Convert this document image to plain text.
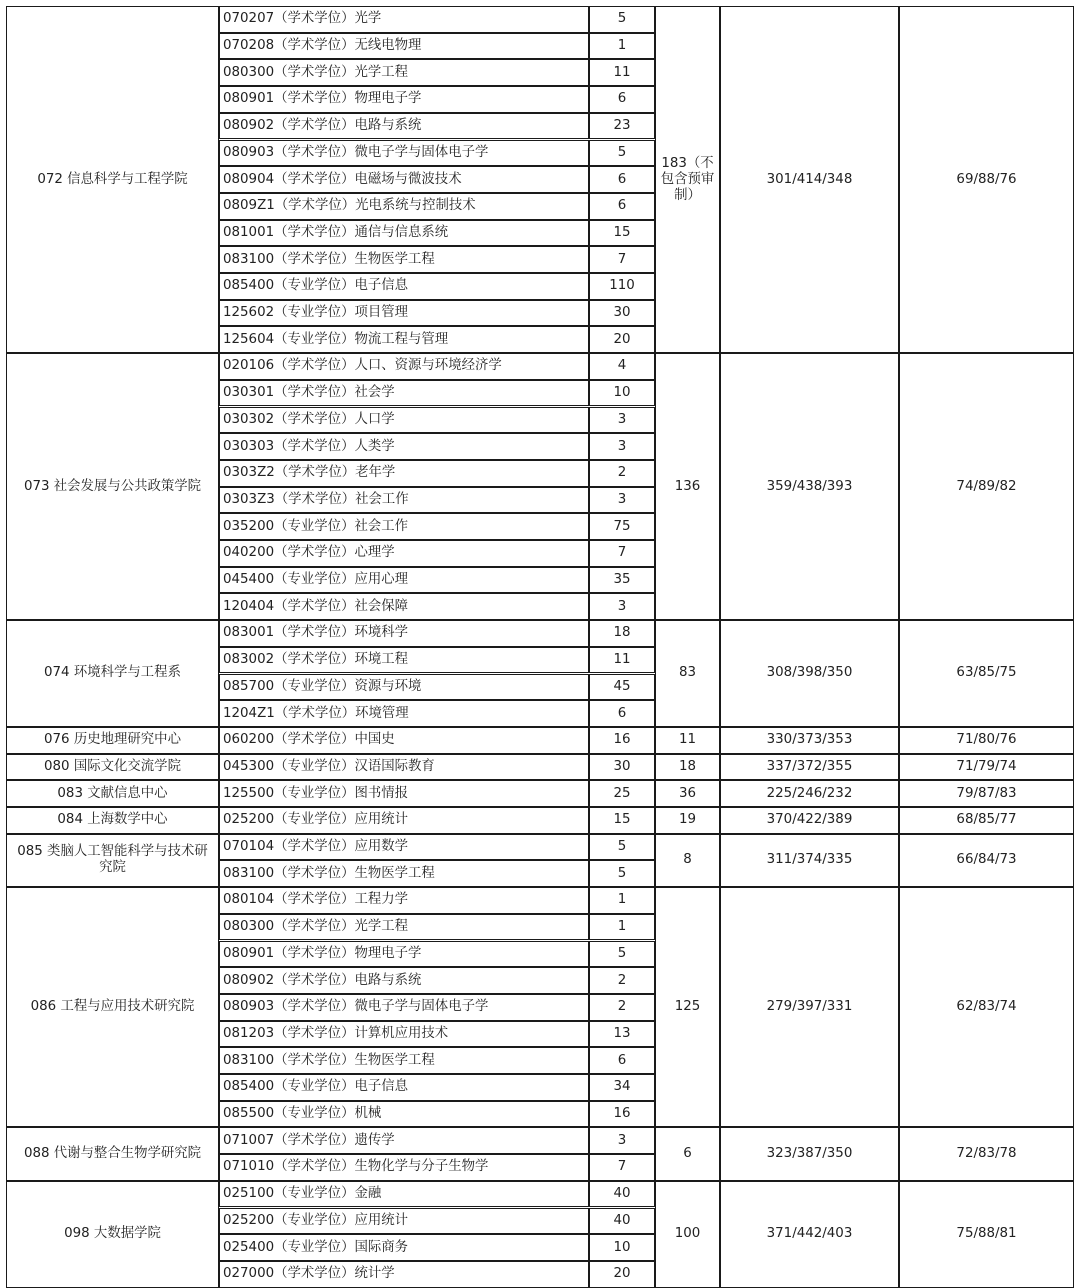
072 信息科学与工程学院
070207（学术学位）光学	5
070208（学术学位）无线电物理	1
080300（学术学位）光学工程	11
080901（学术学位）物理电子学	6
080902（学术学位）电路与系统	23
080903（学术学位）微电子学与固体电子学	5
080904（学术学位）电磁场与微波技术	6
0809Z1（学术学位）光电系统与控制技术	6
081001（学术学位）通信与信息系统	15
083100（学术学位）生物医学工程	7
085400（专业学位）电子信息	110
125602（专业学位）项目管理	30
125604（专业学位）物流工程与管理	20
183（不包含预审制）
301/414/348	69/88/76
073 社会发展与公共政策学院
020106（学术学位）人口、资源与环境经济学	4
030301（学术学位）社会学	10
030302（学术学位）人口学	3
030303（学术学位）人类学	3
0303Z2（学术学位）老年学	2
0303Z3（学术学位）社会工作	3
035200（专业学位）社会工作	75
040200（学术学位）心理学	7
045400（专业学位）应用心理	35
120404（学术学位）社会保障	3
136	359/438/393	74/89/82
074 环境科学与工程系
083001（学术学位）环境科学	18
083002（学术学位）环境工程	11
085700（专业学位）资源与环境	45
1204Z1（学术学位）环境管理	6
83	308/398/350	63/85/75
076 历史地理研究中心	060200（学术学位）中国史	16	11	330/373/353	71/80/76
080 国际文化交流学院	045300（专业学位）汉语国际教育	30	18	337/372/355	71/79/74
083 文献信息中心	125500（专业学位）图书情报	25	36	225/246/232	79/87/83
084 上海数学中心	025200（专业学位）应用统计	15	19	370/422/389	68/85/77
085 类脑人工智能科学与技术研究院
070104（学术学位）应用数学	5
083100（学术学位）生物医学工程	5
8	311/374/335	66/84/73
086 工程与应用技术研究院
080104（学术学位）工程力学	1
080300（学术学位）光学工程	1
080901（学术学位）物理电子学	5
080902（学术学位）电路与系统	2
080903（学术学位）微电子学与固体电子学	2
081203（学术学位）计算机应用技术	13
083100（学术学位）生物医学工程	6
085400（专业学位）电子信息	34
085500（专业学位）机械	16
125	279/397/331	62/83/74
088 代谢与整合生物学研究院
071007（学术学位）遗传学	3
071010（学术学位）生物化学与分子生物学	7
6	323/387/350	72/83/78
098 大数据学院
025100（专业学位）金融	40
025200（专业学位）应用统计	40
025400（专业学位）国际商务	10
027000（学术学位）统计学	20
100	371/442/403	75/88/81
